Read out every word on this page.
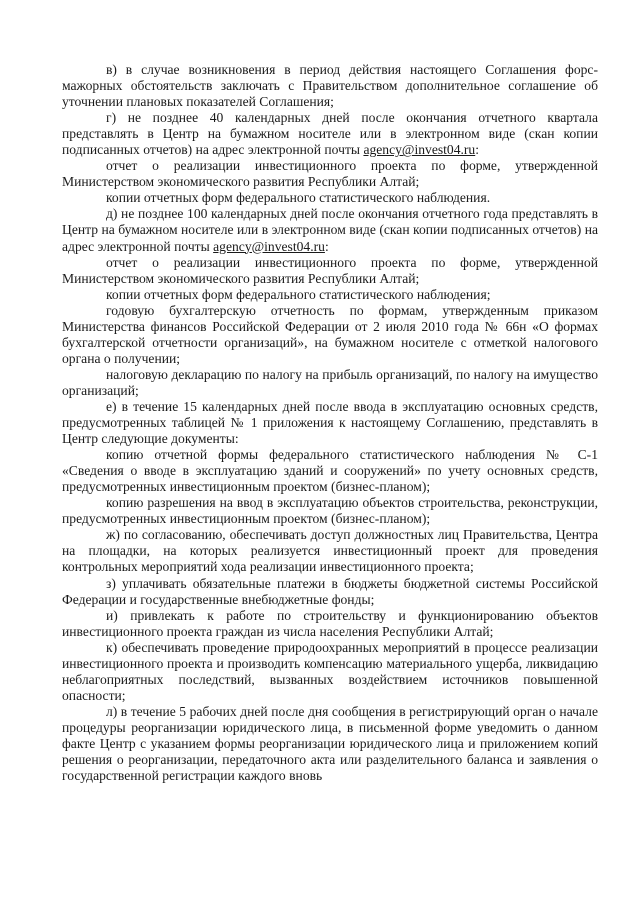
в) в случае возникновения в период действия настоящего Соглашения форс-мажорных обстоятельств заключать с Правительством дополнительное соглашение об уточнении плановых показателей Соглашения;

г) не позднее 40 календарных дней после окончания отчетного квартала представлять в Центр на бумажном носителе или в электронном виде (скан копии подписанных отчетов) на адрес электронной почты agency@invest04.ru:

отчет о реализации инвестиционного проекта по форме, утвержденной Министерством экономического развития Республики Алтай;

копии отчетных форм федерального статистического наблюдения.

д) не позднее 100 календарных дней после окончания отчетного года представлять в Центр на бумажном носителе или в электронном виде (скан копии подписанных отчетов) на адрес электронной почты agency@invest04.ru:

отчет о реализации инвестиционного проекта по форме, утвержденной Министерством экономического развития Республики Алтай;

копии отчетных форм федерального статистического наблюдения;

годовую бухгалтерскую отчетность по формам, утвержденным приказом Министерства финансов Российской Федерации от 2 июля 2010 года № 66н «О формах бухгалтерской отчетности организаций», на бумажном носителе с отметкой налогового органа о получении;

налоговую декларацию по налогу на прибыль организаций, по налогу на имущество организаций;

е) в течение 15 календарных дней после ввода в эксплуатацию основных средств, предусмотренных таблицей № 1 приложения к настоящему Соглашению, представлять в Центр следующие документы:

копию отчетной формы федерального статистического наблюдения № С-1 «Сведения о вводе в эксплуатацию зданий и сооружений» по учету основных средств, предусмотренных инвестиционным проектом (бизнес-планом);

копию разрешения на ввод в эксплуатацию объектов строительства, реконструкции, предусмотренных инвестиционным проектом (бизнес-планом);

ж) по согласованию, обеспечивать доступ должностных лиц Правительства, Центра на площадки, на которых реализуется инвестиционный проект для проведения контрольных мероприятий хода реализации инвестиционного проекта;

з) уплачивать обязательные платежи в бюджеты бюджетной системы Российской Федерации и государственные внебюджетные фонды;

и) привлекать к работе по строительству и функционированию объектов инвестиционного проекта граждан из числа населения Республики Алтай;

к) обеспечивать проведение природоохранных мероприятий в процессе реализации инвестиционного проекта и производить компенсацию материального ущерба, ликвидацию неблагоприятных последствий, вызванных воздействием источников повышенной опасности;

л) в течение 5 рабочих дней после дня сообщения в регистрирующий орган о начале процедуры реорганизации юридического лица, в письменной форме уведомить о данном факте Центр с указанием формы реорганизации юридического лица и приложением копий решения о реорганизации, передаточного акта или разделительного баланса и заявления о государственной регистрации каждого вновь
